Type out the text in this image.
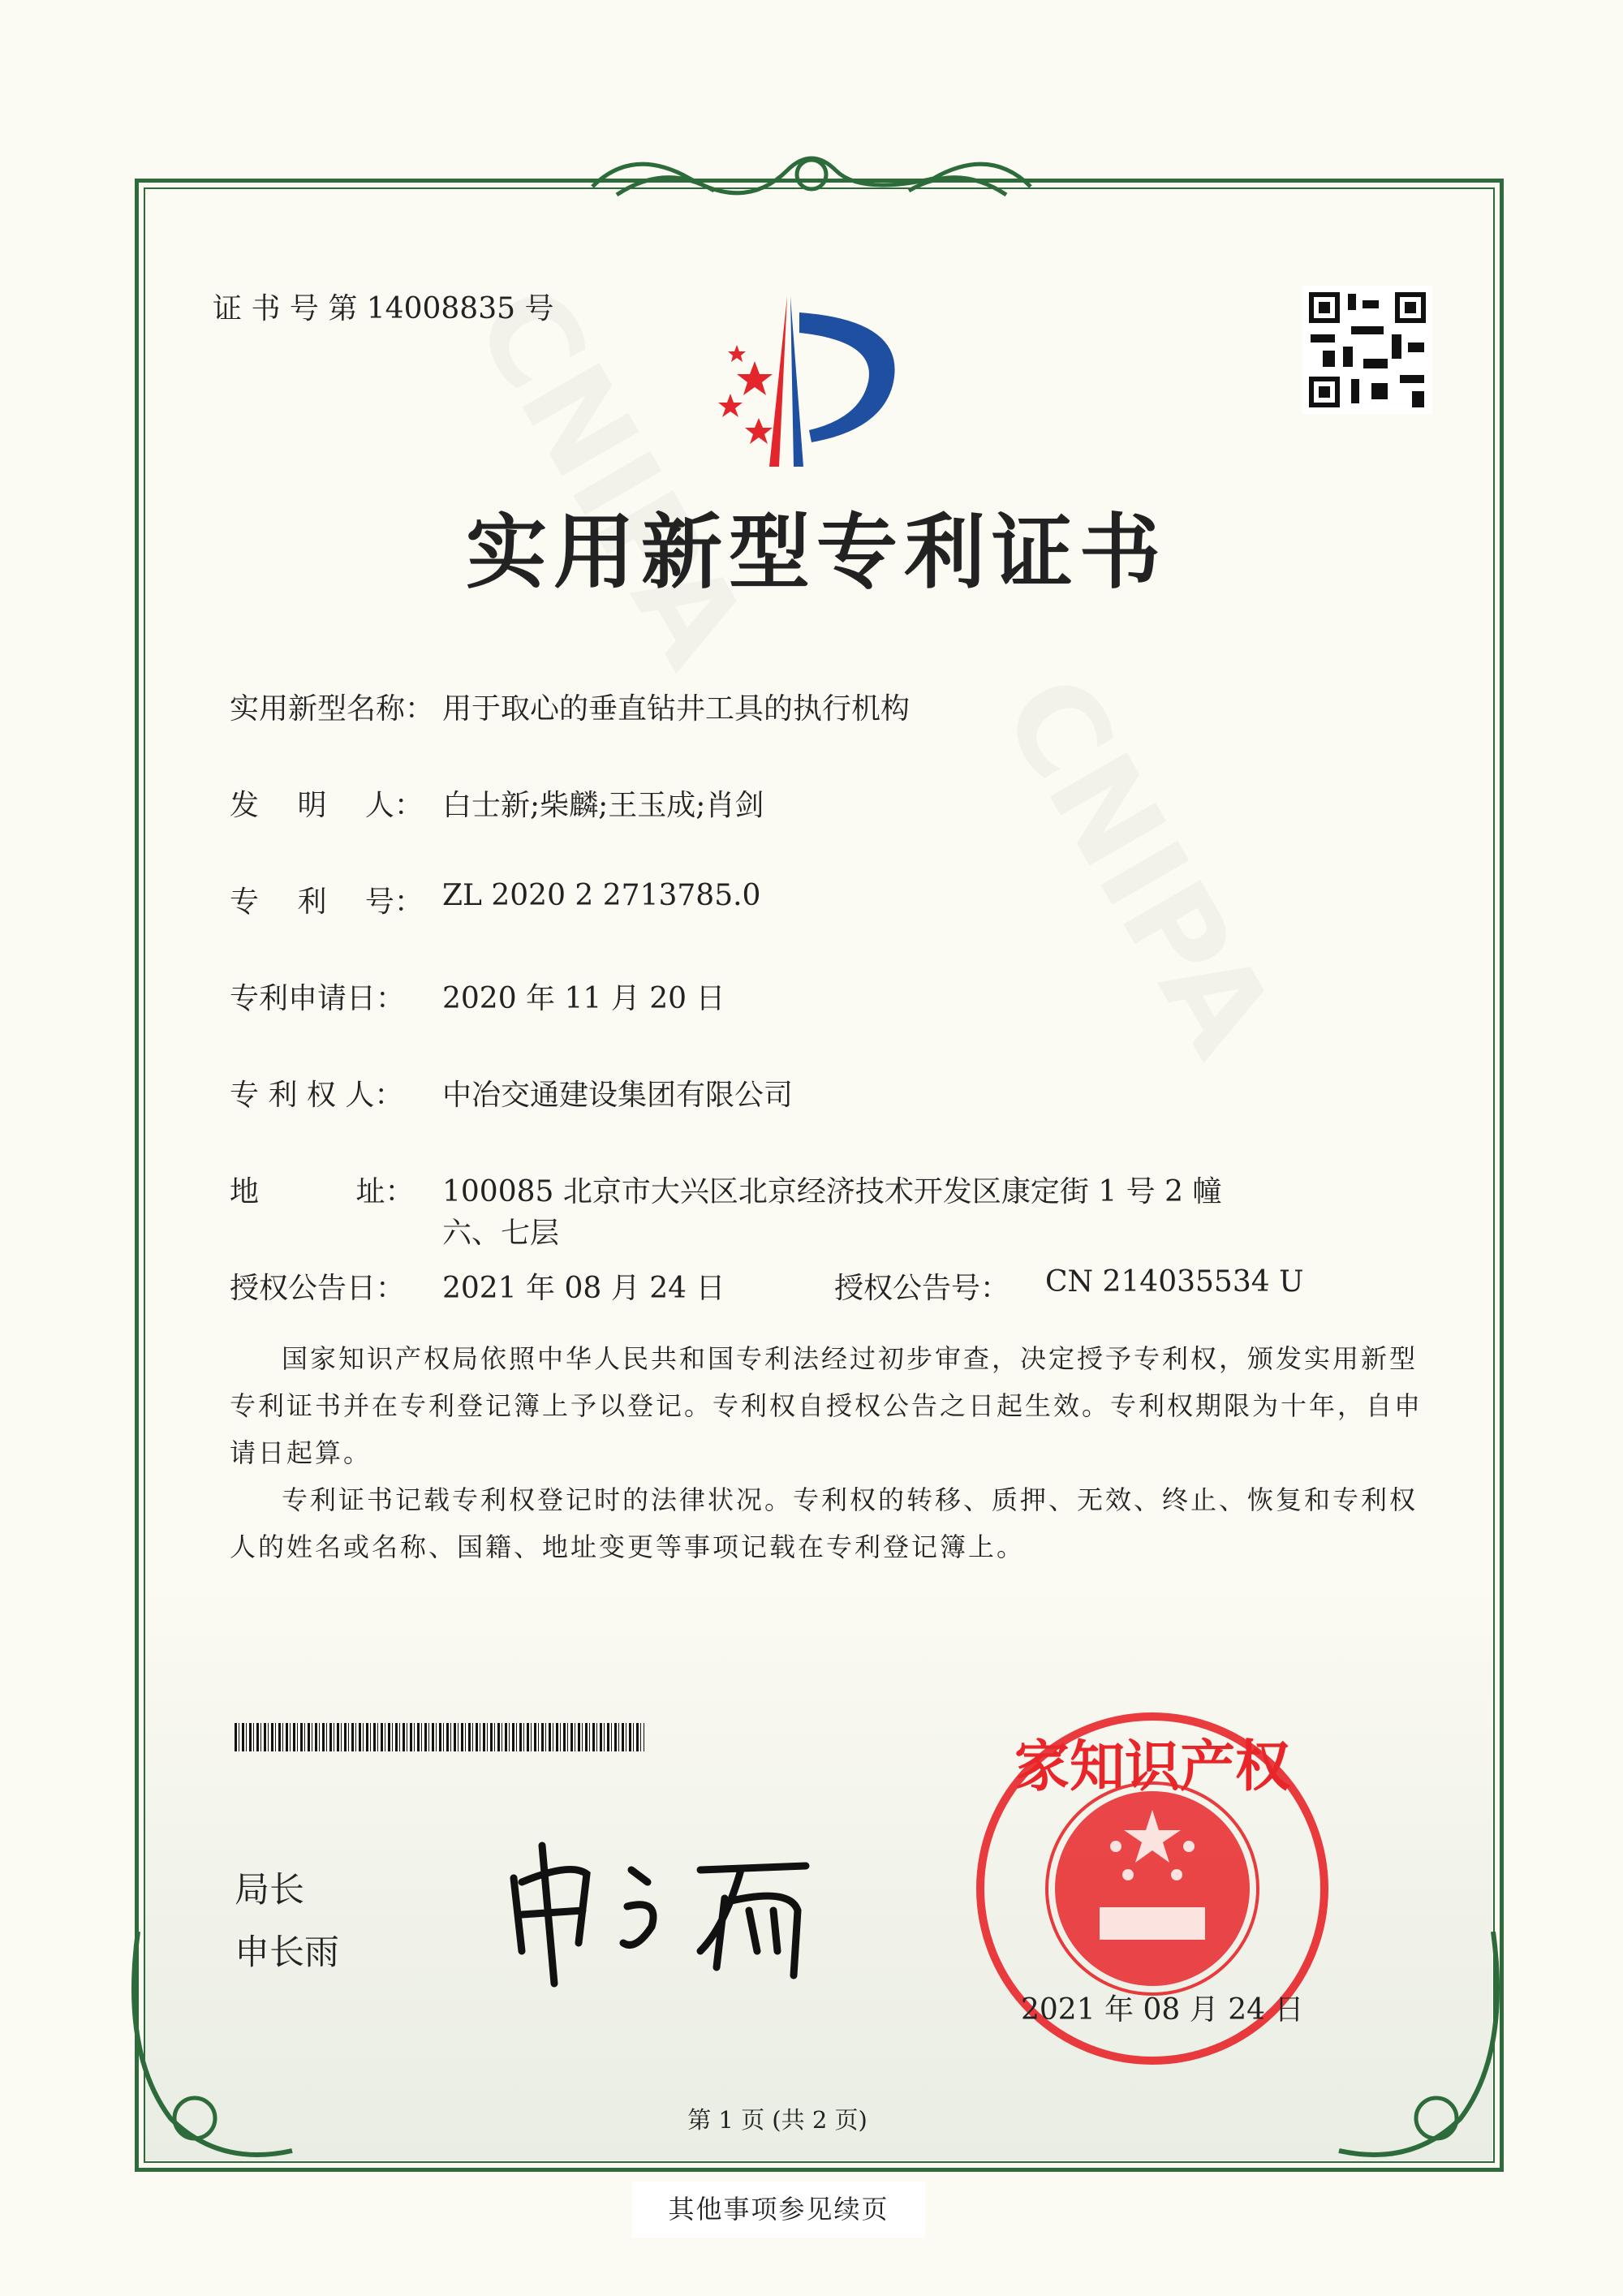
证 书 号 第 14008835 号
实用新型专利证书
实用新型名称： 用于取心的垂直钻井工具的执行机构
发　 明　 人： 白士新;柴麟;王玉成;肖剑
专　 利　 号： ZL 2020 2 2713785.0
专利申请日： 2020 年 11 月 20 日
专 利 权 人： 中冶交通建设集团有限公司
地　　　 址： 100085 北京市大兴区北京经济技术开发区康定街 1 号 2 幢
六、七层
授权公告日： 2021 年 08 月 24 日	授权公告号： CN 214035534 U

国家知识产权局依照中华人民共和国专利法经过初步审查，决定授予专利权，颁发实用新型专利证书并在专利登记簿上予以登记。专利权自授权公告之日起生效。专利权期限为十年，自申请日起算。

专利证书记载专利权登记时的法律状况。专利权的转移、质押、无效、终止、恢复和专利权人的姓名或名称、国籍、地址变更等事项记载在专利登记簿上。

局长
申长雨
家知识产权
2021 年 08 月 24 日
第 1 页 (共 2 页)
其他事项参见续页
